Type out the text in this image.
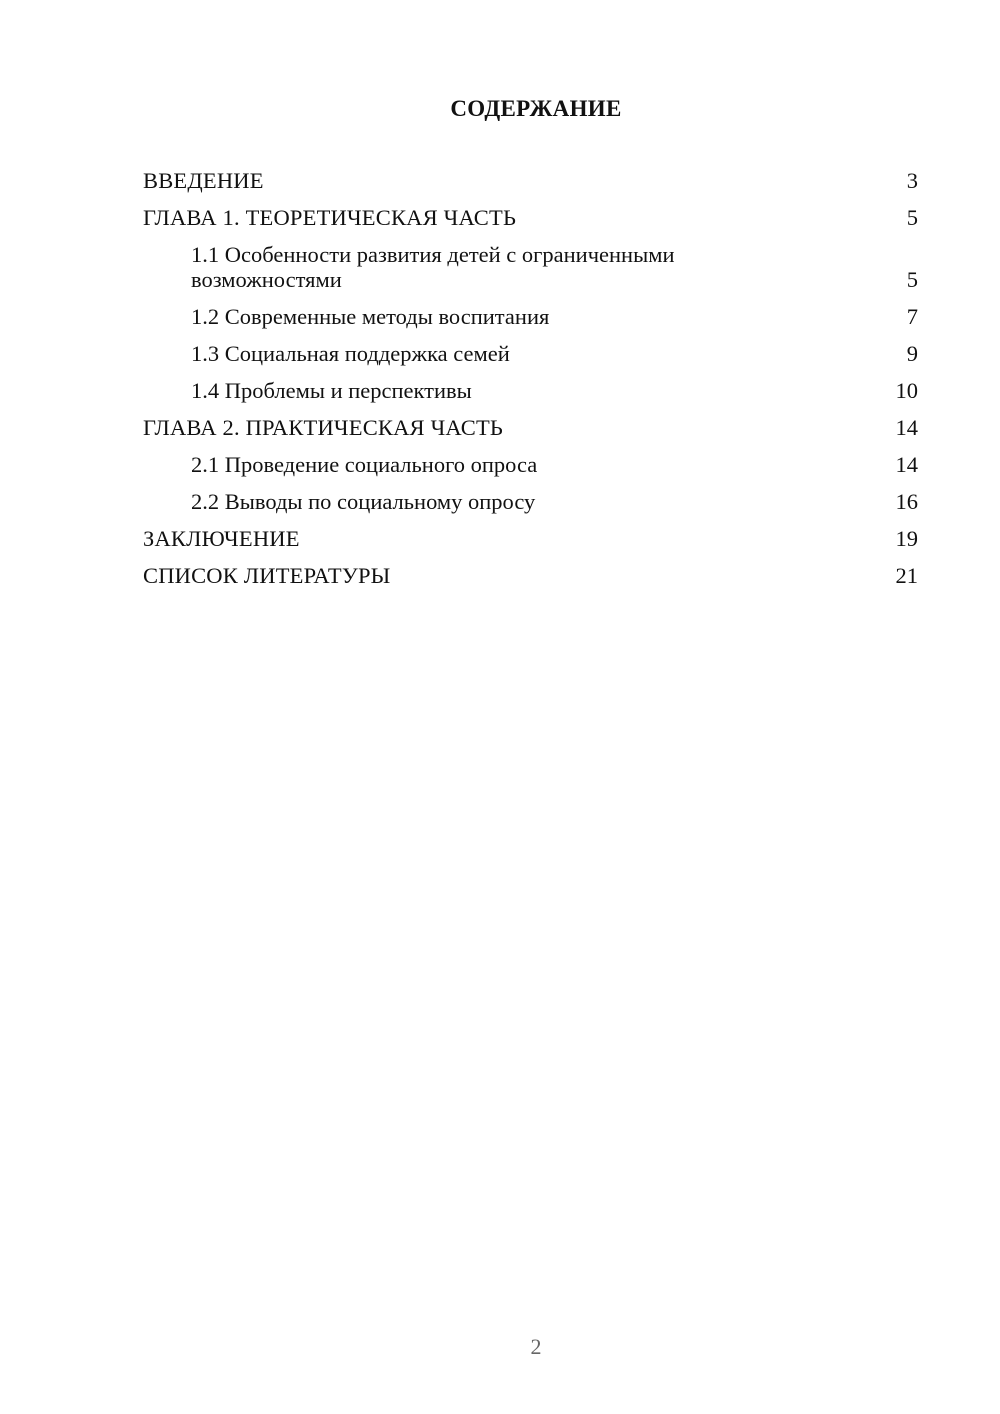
СОДЕРЖАНИЕ
ВВЕДЕНИЕ	3
ГЛАВА 1. ТЕОРЕТИЧЕСКАЯ ЧАСТЬ	5
1.1 Особенности развития детей с ограниченными возможностями	5
1.2 Современные методы воспитания	7
1.3 Социальная поддержка семей	9
1.4 Проблемы и перспективы	10
ГЛАВА 2. ПРАКТИЧЕСКАЯ ЧАСТЬ	14
2.1 Проведение социального опроса	14
2.2 Выводы по социальному опросу	16
ЗАКЛЮЧЕНИЕ	19
СПИСОК ЛИТЕРАТУРЫ	21
2
